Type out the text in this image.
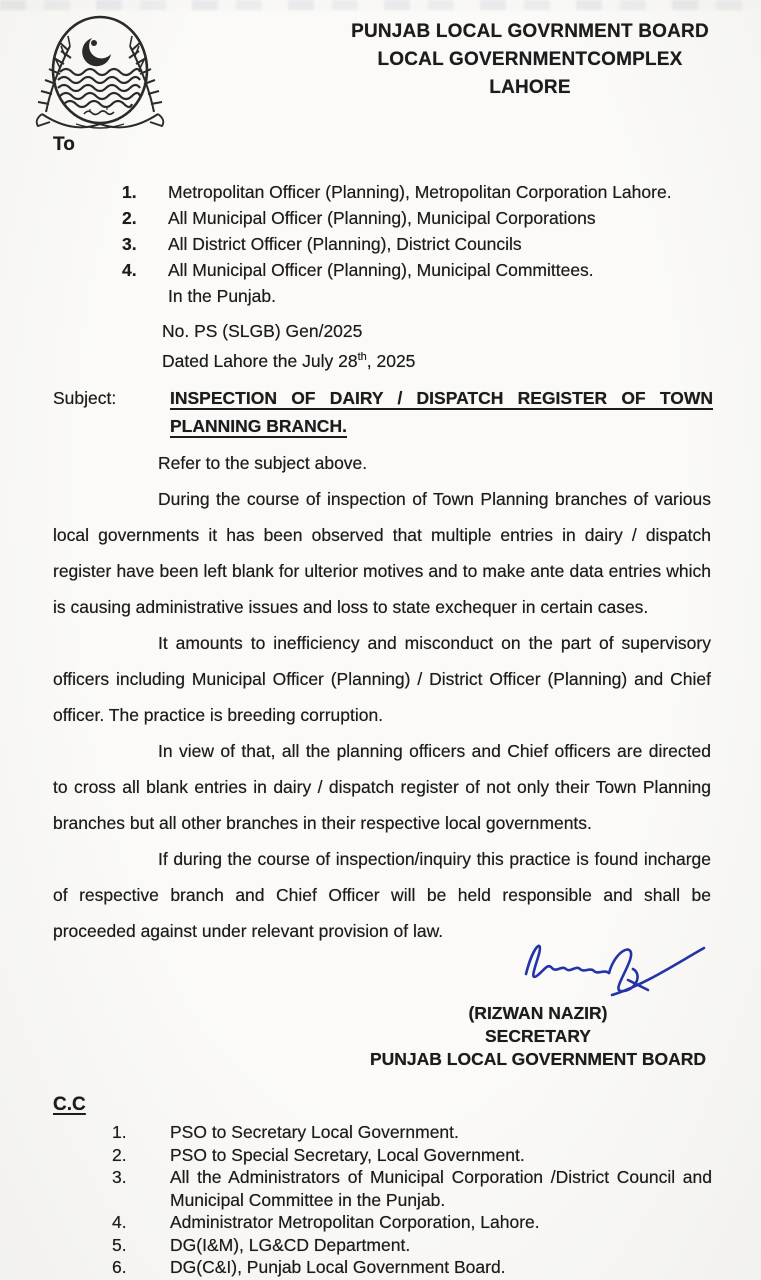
PUNJAB LOCAL GOVRNMENT BOARD
LOCAL GOVERNMENTCOMPLEX
LAHORE
To
1.	Metropolitan Officer (Planning), Metropolitan Corporation Lahore.
2.	All Municipal Officer (Planning), Municipal Corporations
3.	All District Officer (Planning), District Councils
4.	All Municipal Officer (Planning), Municipal Committees.
In the Punjab.
No. PS (SLGB) Gen/2025
Dated Lahore the July 28th, 2025
Subject:	INSPECTION OF DAIRY / DISPATCH REGISTER OF TOWN PLANNING BRANCH.

Refer to the subject above.

During the course of inspection of Town Planning branches of various local governments it has been observed that multiple entries in dairy / dispatch register have been left blank for ulterior motives and to make ante data entries which is causing administrative issues and loss to state exchequer in certain cases.

It amounts to inefficiency and misconduct on the part of supervisory officers including Municipal Officer (Planning) / District Officer (Planning) and Chief officer. The practice is breeding corruption.

In view of that, all the planning officers and Chief officers are directed to cross all blank entries in dairy / dispatch register of not only their Town Planning branches but all other branches in their respective local governments.

If during the course of inspection/inquiry this practice is found incharge of respective branch and Chief Officer will be held responsible and shall be proceeded against under relevant provision of law.

(RIZWAN NAZIR)
SECRETARY
PUNJAB LOCAL GOVERNMENT BOARD
C.C
1.	PSO to Secretary Local Government.
2.	PSO to Special Secretary, Local Government.
3.	All the Administrators of Municipal Corporation /District Council and Municipal Committee in the Punjab.
4.	Administrator Metropolitan Corporation, Lahore.
5.	DG(I&M), LG&CD Department.
6.	DG(C&I), Punjab Local Government Board.
